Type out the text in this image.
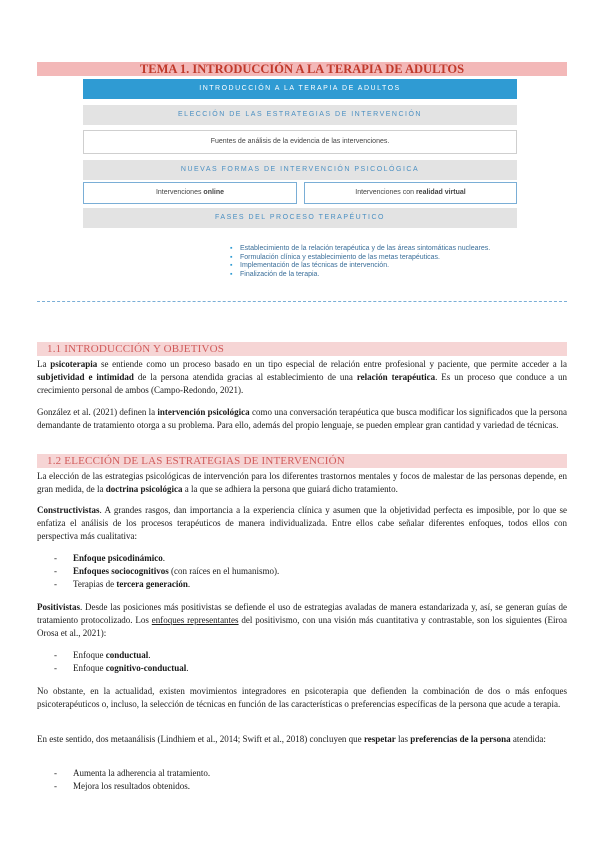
TEMA 1. INTRODUCCIÓN A LA TERAPIA DE ADULTOS
INTRODUCCIÓN A LA TERAPIA DE ADULTOS
ELECCIÓN DE LAS ESTRATEGIAS DE INTERVENCIÓN
Fuentes de análisis de la evidencia de las intervenciones.
NUEVAS FORMAS DE INTERVENCIÓN PSICOLÓGICA
Intervenciones online	Intervenciones con realidad virtual
FASES DEL PROCESO TERAPÉUTICO
▪ Establecimiento de la relación terapéutica y de las áreas sintomáticas nucleares.
▪ Formulación clínica y establecimiento de las metas terapéuticas.
▪ Implementación de las técnicas de intervención.
▪ Finalización de la terapia.
1.1 INTRODUCCIÓN Y OBJETIVOS
La psicoterapia se entiende como un proceso basado en un tipo especial de relación entre profesional y paciente, que permite acceder a la subjetividad e intimidad de la persona atendida gracias al establecimiento de una relación terapéutica. Es un proceso que conduce a un crecimiento personal de ambos (Campo-Redondo, 2021).
González et al. (2021) definen la intervención psicológica como una conversación terapéutica que busca modificar los significados que la persona demandante de tratamiento otorga a su problema. Para ello, además del propio lenguaje, se pueden emplear gran cantidad y variedad de técnicas.
1.2 ELECCIÓN DE LAS ESTRATEGIAS DE INTERVENCIÓN
La elección de las estrategias psicológicas de intervención para los diferentes trastornos mentales y focos de malestar de las personas depende, en gran medida, de la doctrina psicológica a la que se adhiera la persona que guiará dicho tratamiento.
Constructivistas. A grandes rasgos, dan importancia a la experiencia clínica y asumen que la objetividad perfecta es imposible, por lo que se enfatiza el análisis de los procesos terapéuticos de manera individualizada. Entre ellos cabe señalar diferentes enfoques, todos ellos con perspectiva más cualitativa:
- Enfoque psicodinámico.
- Enfoques sociocognitivos (con raíces en el humanismo).
- Terapias de tercera generación.
Positivistas. Desde las posiciones más positivistas se defiende el uso de estrategias avaladas de manera estandarizada y, así, se generan guías de tratamiento protocolizado. Los enfoques representantes del positivismo, con una visión más cuantitativa y contrastable, son los siguientes (Eiroa Orosa et al., 2021):
- Enfoque conductual.
- Enfoque cognitivo-conductual.
No obstante, en la actualidad, existen movimientos integradores en psicoterapia que defienden la combinación de dos o más enfoques psicoterapéuticos o, incluso, la selección de técnicas en función de las características o preferencias específicas de la persona que acude a terapia.
En este sentido, dos metaanálisis (Lindhiem et al., 2014; Swift et al., 2018) concluyen que respetar las preferencias de la persona atendida:
- Aumenta la adherencia al tratamiento.
- Mejora los resultados obtenidos.
